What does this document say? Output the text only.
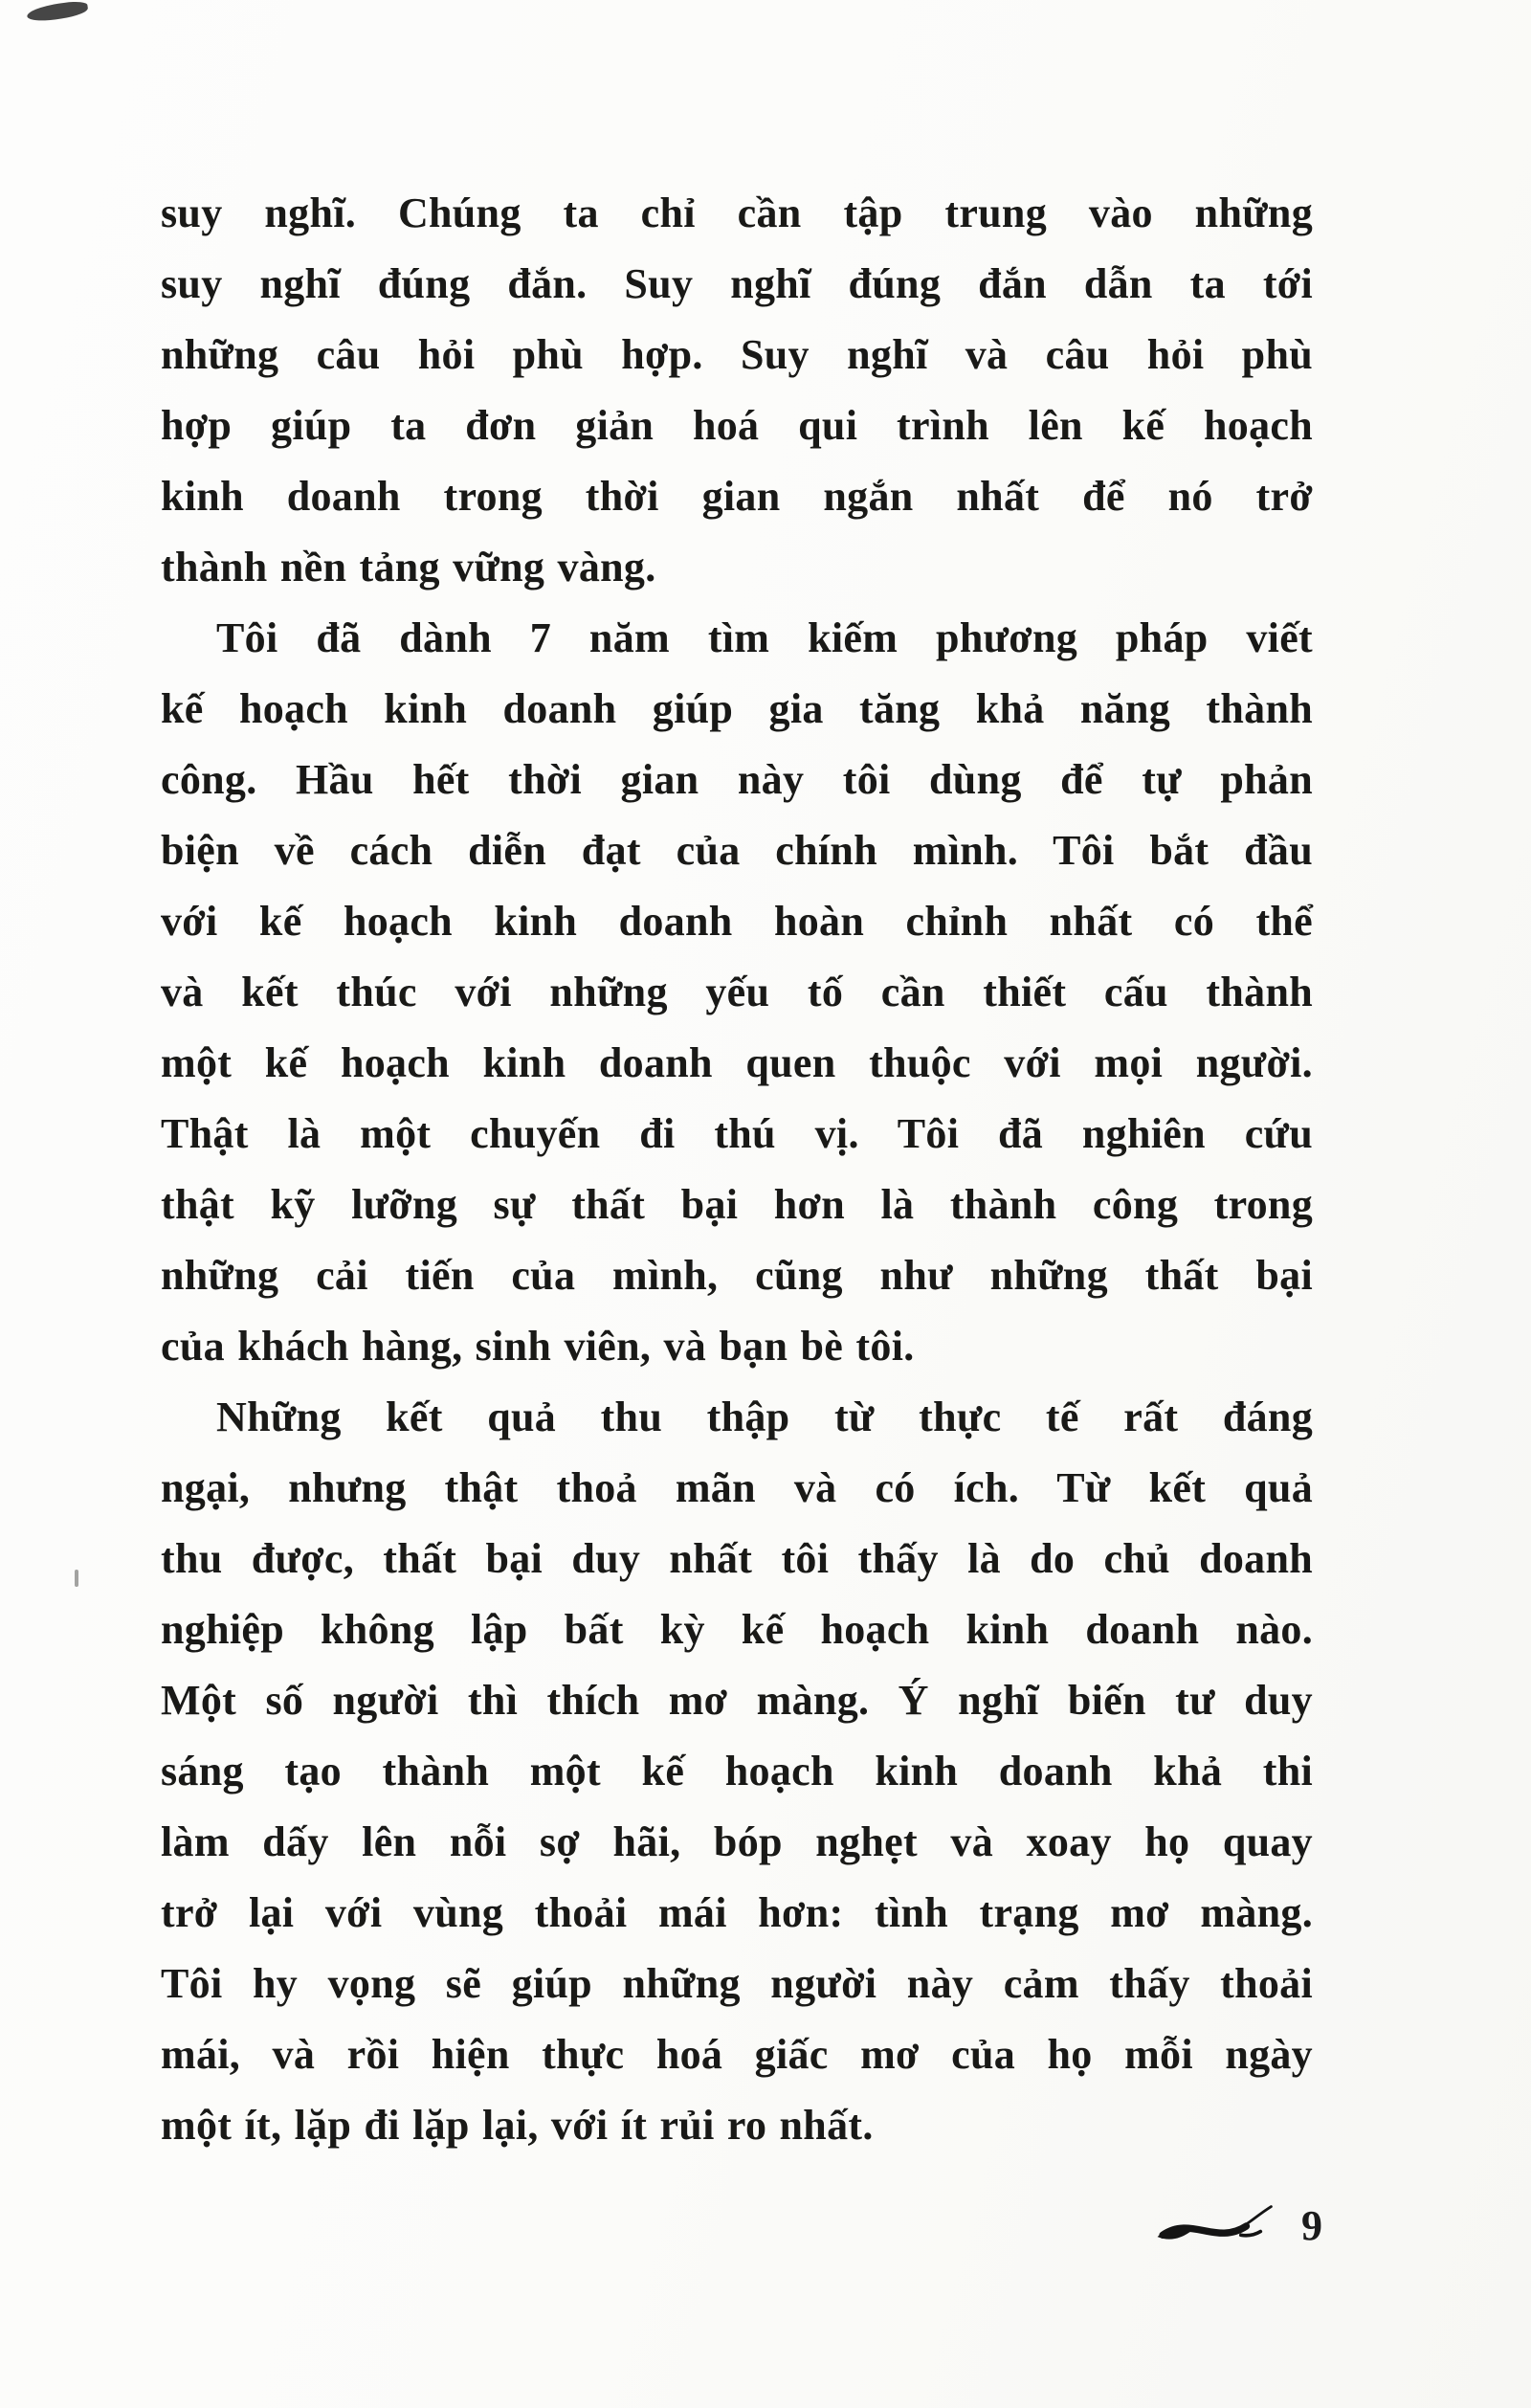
suy nghĩ. Chúng ta chỉ cần tập trung vào những
suy nghĩ đúng đắn. Suy nghĩ đúng đắn dẫn ta tới
những câu hỏi phù hợp. Suy nghĩ và câu hỏi phù
hợp giúp ta đơn giản hoá qui trình lên kế hoạch
kinh doanh trong thời gian ngắn nhất để nó trở
thành nền tảng vững vàng.
Tôi đã dành 7 năm tìm kiếm phương pháp viết
kế hoạch kinh doanh giúp gia tăng khả năng thành
công. Hầu hết thời gian này tôi dùng để tự phản
biện về cách diễn đạt của chính mình. Tôi bắt đầu
với kế hoạch kinh doanh hoàn chỉnh nhất có thể
và kết thúc với những yếu tố cần thiết cấu thành
một kế hoạch kinh doanh quen thuộc với mọi người.
Thật là một chuyến đi thú vị. Tôi đã nghiên cứu
thật kỹ lưỡng sự thất bại hơn là thành công trong
những cải tiến của mình, cũng như những thất bại
của khách hàng, sinh viên, và bạn bè tôi.
Những kết quả thu thập từ thực tế rất đáng
ngại, nhưng thật thoả mãn và có ích. Từ kết quả
thu được, thất bại duy nhất tôi thấy là do chủ doanh
nghiệp không lập bất kỳ kế hoạch kinh doanh nào.
Một số người thì thích mơ màng. Ý nghĩ biến tư duy
sáng tạo thành một kế hoạch kinh doanh khả thi
làm dấy lên nỗi sợ hãi, bóp nghẹt và xoay họ quay
trở lại với vùng thoải mái hơn: tình trạng mơ màng.
Tôi hy vọng sẽ giúp những người này cảm thấy thoải
mái, và rồi hiện thực hoá giấc mơ của họ mỗi ngày
một ít, lặp đi lặp lại, với ít rủi ro nhất.
9
